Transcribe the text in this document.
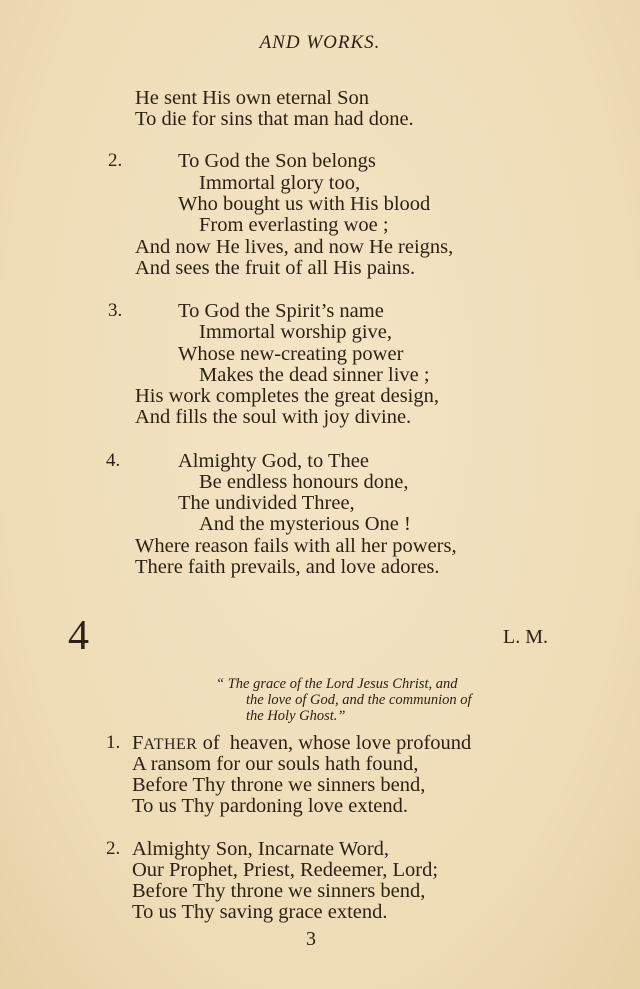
AND WORKS.
He sent His own eternal Son
To die for sins that man had done.
2.	To God the Son belongs
Immortal glory too,
Who bought us with His blood
From everlasting woe ;
And now He lives, and now He reigns,
And sees the fruit of all His pains.
3.	To God the Spirit’s name
Immortal worship give,
Whose new-creating power
Makes the dead sinner live ;
His work completes the great design,
And fills the soul with joy divine.
4.	Almighty God, to Thee
Be endless honours done,
The undivided Three,
And the mysterious One !
Where reason fails with all her powers,
There faith prevails, and love adores.
4	L. M.
“ The grace of the Lord Jesus Christ, and
the love of God, and the communion of
the Holy Ghost.”
1. FATHER of  heaven, whose love profound
A ransom for our souls hath found,
Before Thy throne we sinners bend,
To us Thy pardoning love extend.
2. Almighty Son, Incarnate Word,
Our Prophet, Priest, Redeemer, Lord;
Before Thy throne we sinners bend,
To us Thy saving grace extend.
3
